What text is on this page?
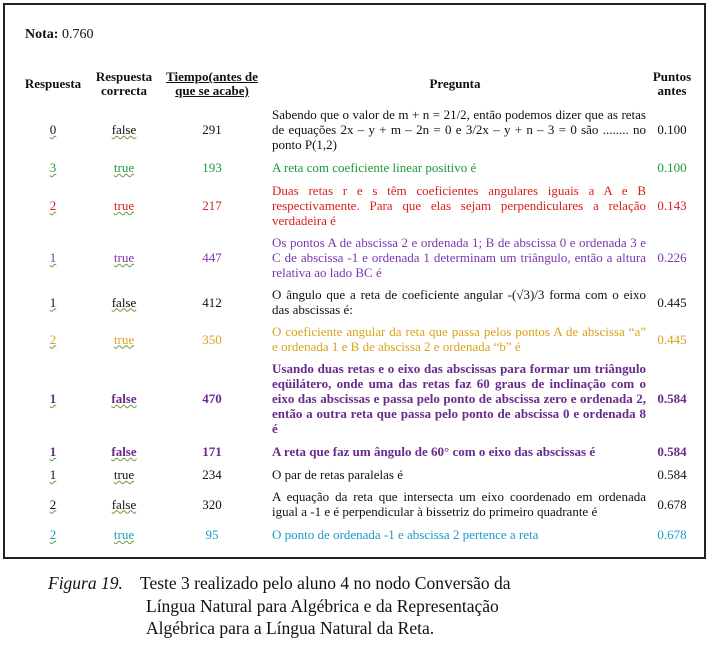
Nota: 0.760
Respuesta	Respuesta correcta	Tiempo(antes de que se acabe)	Pregunta	Puntos antes
0	false	291	Sabendo que o valor de m + n = 21/2, então podemos dizer que as retas de equações 2x – y + m – 2n = 0 e 3/2x – y + n – 3 = 0 são ........ no ponto P(1,2)	0.100
3	true	193	A reta com coeficiente linear positivo é	0.100
2	true	217	Duas retas r e s têm coeficientes angulares iguais a A e B respectivamente. Para que elas sejam perpendiculares a relação verdadeira é	0.143
1	true	447	Os pontos A de abscissa 2 e ordenada 1; B de abscissa 0 e ordenada 3 e C de abscissa -1 e ordenada 1 determinam um triângulo, então a altura relativa ao lado BC é	0.226
1	false	412	O ângulo que a reta de coeficiente angular -(√3)/3 forma com o eixo das abscissas é:	0.445
2	true	350	O coeficiente angular da reta que passa pelos pontos A de abscissa “a” e ordenada 1 e B de abscissa 2 e ordenada “b” é	0.445
1	false	470	Usando duas retas e o eixo das abscissas para formar um triângulo eqüilátero, onde uma das retas faz 60 graus de inclinação com o eixo das abscissas e passa pelo ponto de abscissa zero e ordenada 2, então a outra reta que passa pelo ponto de abscissa 0 e ordenada 8 é	0.584
1	false	171	A reta que faz um ângulo de 60° com o eixo das abscissas é	0.584
1	true	234	O par de retas paralelas é	0.584
2	false	320	A equação da reta que intersecta um eixo coordenado em ordenada igual a -1 e é perpendicular à bissetriz do primeiro quadrante é	0.678
2	true	95	O ponto de ordenada -1 e abscissa 2 pertence a reta	0.678
Figura 19. Teste 3 realizado pelo aluno 4 no nodo Conversão da
Língua Natural para Algébrica e da Representação
Algébrica para a Língua Natural da Reta.
